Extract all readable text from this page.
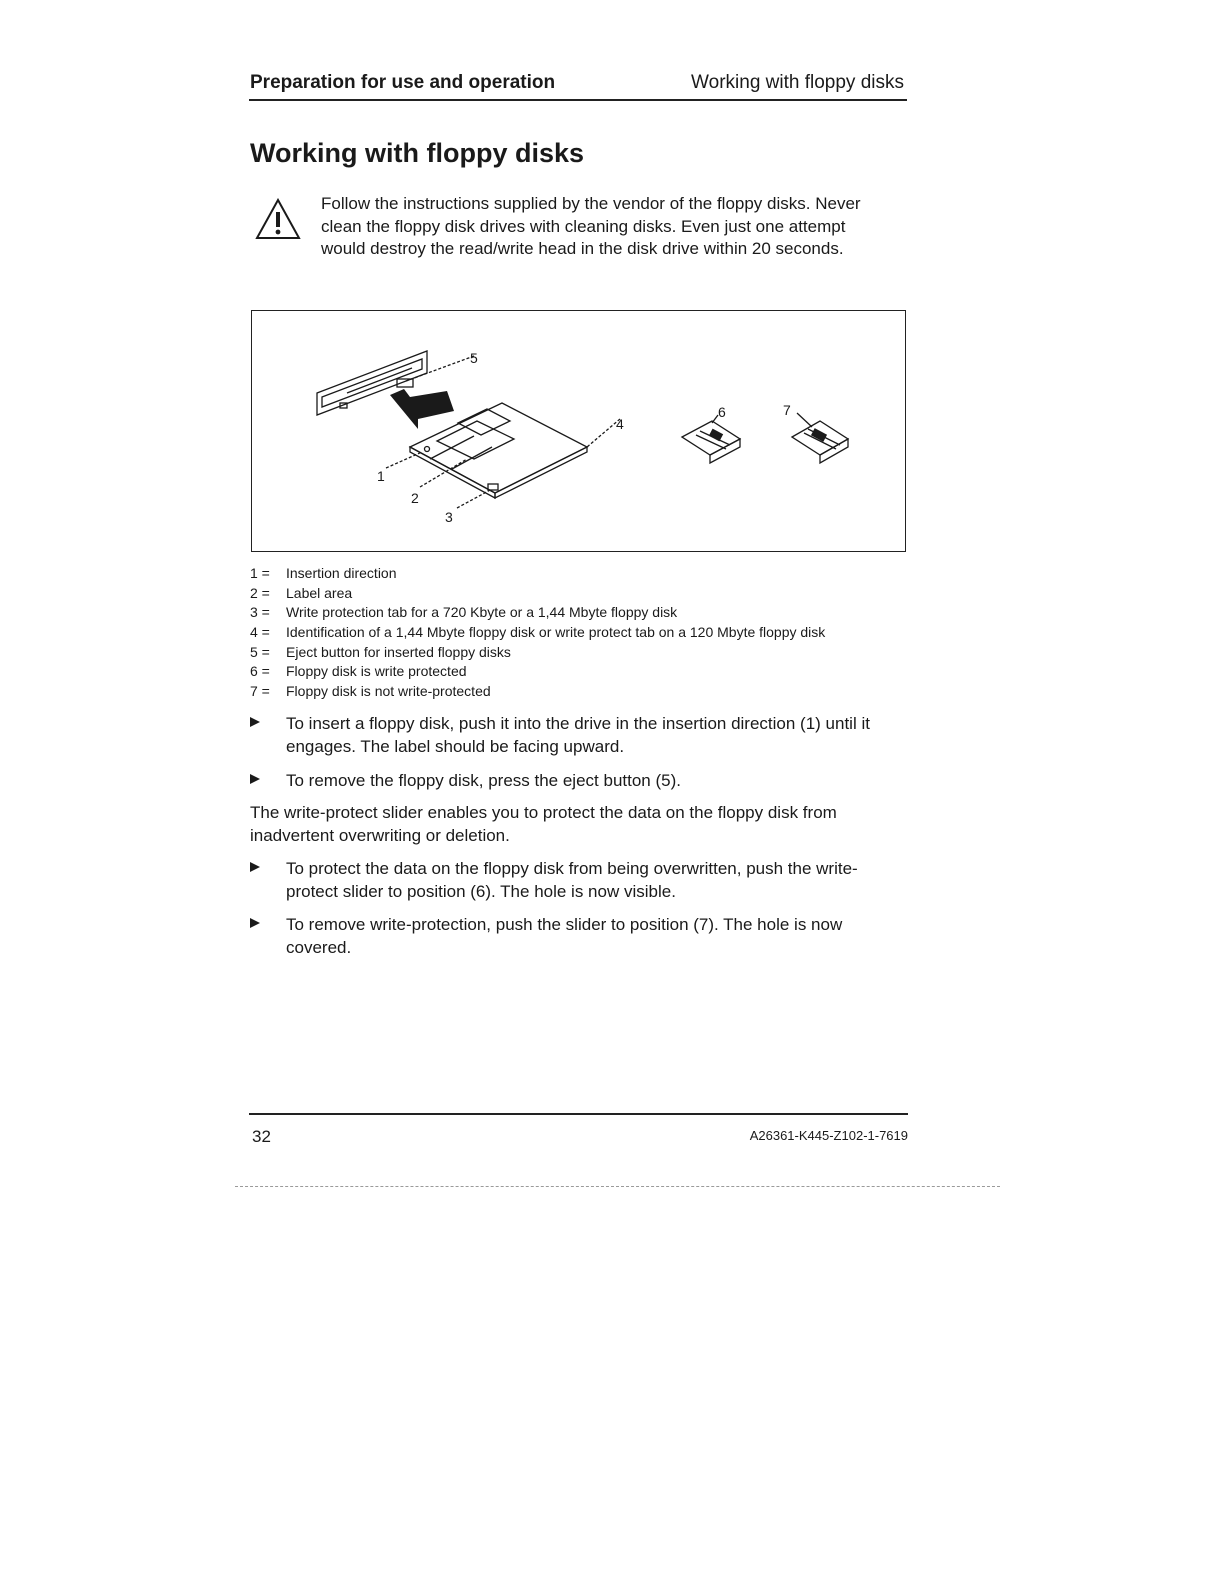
Preparation for use and operation	Working with floppy disks
Working with floppy disks
Follow the instructions supplied by the vendor of the floppy disks. Never clean the floppy disk drives with cleaning disks. Even just one attempt would destroy the read/write head in the disk drive within 20 seconds.
5
4
6	7
1
2
3
1 = Insertion direction
2 = Label area
3 = Write protection tab for a 720 Kbyte or a 1,44 Mbyte floppy disk
4 = Identification of a 1,44 Mbyte floppy disk or write protect tab on a 120 Mbyte floppy disk
5 = Eject button for inserted floppy disks
6 = Floppy disk is write protected
7 = Floppy disk is not write-protected
To insert a floppy disk, push it into the drive in the insertion direction (1) until it engages. The label should be facing upward.
To remove the floppy disk, press the eject button (5).
The write-protect slider enables you to protect the data on the floppy disk from inadvertent overwriting or deletion.
To protect the data on the floppy disk from being overwritten, push the write-protect slider to position (6). The hole is now visible.
To remove write-protection, push the slider to position (7). The hole is now covered.
32	A26361-K445-Z102-1-7619
